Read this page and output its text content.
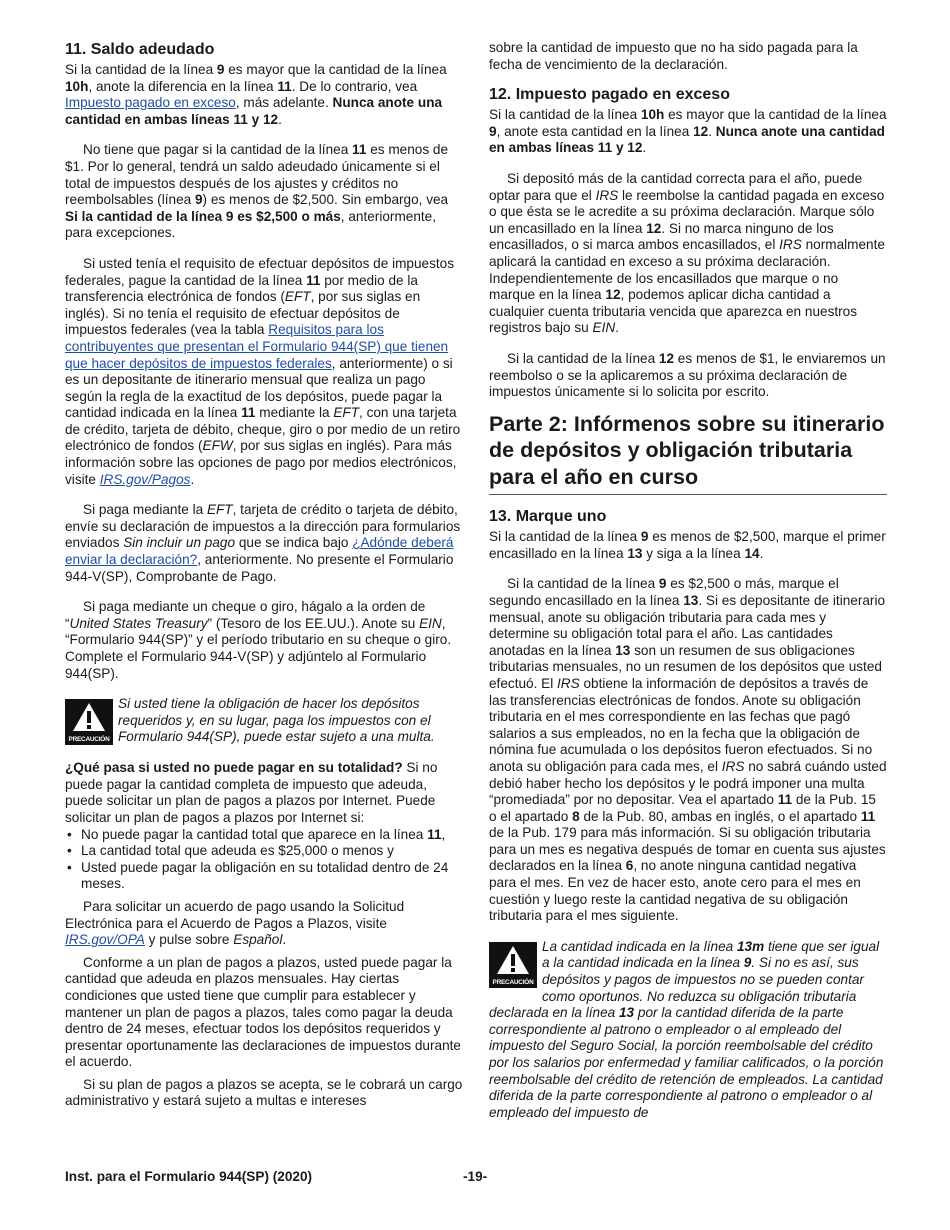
11. Saldo adeudado

Si la cantidad de la línea 9 es mayor que la cantidad de la línea 10h, anote la diferencia en la línea 11. De lo contrario, vea Impuesto pagado en exceso, más adelante. Nunca anote una cantidad en ambas líneas 11 y 12.

No tiene que pagar si la cantidad de la línea 11 es menos de $1. Por lo general, tendrá un saldo adeudado únicamente si el total de impuestos después de los ajustes y créditos no reembolsables (línea 9) es menos de $2,500. Sin embargo, vea Si la cantidad de la línea 9 es $2,500 o más, anteriormente, para excepciones.

Si usted tenía el requisito de efectuar depósitos de impuestos federales, pague la cantidad de la línea 11 por medio de la transferencia electrónica de fondos (EFT, por sus siglas en inglés). Si no tenía el requisito de efectuar depósitos de impuestos federales (vea la tabla Requisitos para los contribuyentes que presentan el Formulario 944(SP) que tienen que hacer depósitos de impuestos federales, anteriormente) o si es un depositante de itinerario mensual que realiza un pago según la regla de la exactitud de los depósitos, puede pagar la cantidad indicada en la línea 11 mediante la EFT, con una tarjeta de crédito, tarjeta de débito, cheque, giro o por medio de un retiro electrónico de fondos (EFW, por sus siglas en inglés). Para más información sobre las opciones de pago por medios electrónicos, visite IRS.gov/Pagos.

Si paga mediante la EFT, tarjeta de crédito o tarjeta de débito, envíe su declaración de impuestos a la dirección para formularios enviados Sin incluir un pago que se indica bajo ¿Adónde deberá enviar la declaración?, anteriormente. No presente el Formulario 944-V(SP), Comprobante de Pago.

Si paga mediante un cheque o giro, hágalo a la orden de “United States Treasury” (Tesoro de los EE.UU.). Anote su EIN, “Formulario 944(SP)” y el período tributario en su cheque o giro. Complete el Formulario 944-V(SP) y adjúntelo al Formulario 944(SP).

PRECAUCIÓN
Si usted tiene la obligación de hacer los depósitos requeridos y, en su lugar, paga los impuestos con el Formulario 944(SP), puede estar sujeto a una multa.

¿Qué pasa si usted no puede pagar en su totalidad? Si no puede pagar la cantidad completa de impuesto que adeuda, puede solicitar un plan de pagos a plazos por Internet. Puede solicitar un plan de pagos a plazos por Internet si:

• No puede pagar la cantidad total que aparece en la línea 11,
• La cantidad total que adeuda es $25,000 o menos y
• Usted puede pagar la obligación en su totalidad dentro de 24 meses.

Para solicitar un acuerdo de pago usando la Solicitud Electrónica para el Acuerdo de Pagos a Plazos, visite IRS.gov/OPA y pulse sobre Español.

Conforme a un plan de pagos a plazos, usted puede pagar la cantidad que adeuda en plazos mensuales. Hay ciertas condiciones que usted tiene que cumplir para establecer y mantener un plan de pagos a plazos, tales como pagar la deuda dentro de 24 meses, efectuar todos los depósitos requeridos y presentar oportunamente las declaraciones de impuestos durante el acuerdo.

Si su plan de pagos a plazos se acepta, se le cobrará un cargo administrativo y estará sujeto a multas e intereses

sobre la cantidad de impuesto que no ha sido pagada para la fecha de vencimiento de la declaración.

12. Impuesto pagado en exceso

Si la cantidad de la línea 10h es mayor que la cantidad de la línea 9, anote esta cantidad en la línea 12. Nunca anote una cantidad en ambas líneas 11 y 12.

Si depositó más de la cantidad correcta para el año, puede optar para que el IRS le reembolse la cantidad pagada en exceso o que ésta se le acredite a su próxima declaración. Marque sólo un encasillado en la línea 12. Si no marca ninguno de los encasillados, o si marca ambos encasillados, el IRS normalmente aplicará la cantidad en exceso a su próxima declaración. Independientemente de los encasillados que marque o no marque en la línea 12, podemos aplicar dicha cantidad a cualquier cuenta tributaria vencida que aparezca en nuestros registros bajo su EIN.

Si la cantidad de la línea 12 es menos de $1, le enviaremos un reembolso o se la aplicaremos a su próxima declaración de impuestos únicamente si lo solicita por escrito.

Parte 2: Infórmenos sobre su itinerario de depósitos y obligación tributaria para el año en curso
13. Marque uno

Si la cantidad de la línea 9 es menos de $2,500, marque el primer encasillado en la línea 13 y siga a la línea 14.

Si la cantidad de la línea 9 es $2,500 o más, marque el segundo encasillado en la línea 13. Si es depositante de itinerario mensual, anote su obligación tributaria para cada mes y determine su obligación total para el año. Las cantidades anotadas en la línea 13 son un resumen de sus obligaciones tributarias mensuales, no un resumen de los depósitos que usted efectuó. El IRS obtiene la información de depósitos a través de las transferencias electrónicas de fondos. Anote su obligación tributaria en el mes correspondiente en las fechas que pagó salarios a sus empleados, no en la fecha que la obligación de nómina fue acumulada o los depósitos fueron efectuados. Si no anota su obligación para cada mes, el IRS no sabrá cuándo usted debió haber hecho los depósitos y le podrá imponer una multa “promediada” por no depositar. Vea el apartado 11 de la Pub. 15 o el apartado 8 de la Pub. 80, ambas en inglés, o el apartado 11 de la Pub. 179 para más información. Si su obligación tributaria para un mes es negativa después de tomar en cuenta sus ajustes declarados en la línea 6, no anote ninguna cantidad negativa para el mes. En vez de hacer esto, anote cero para el mes en cuestión y luego reste la cantidad negativa de su obligación tributaria para el mes siguiente.

PRECAUCIÓN
La cantidad indicada en la línea 13m tiene que ser igual a la cantidad indicada en la línea 9. Si no es así, sus depósitos y pagos de impuestos no se pueden contar como oportunos. No reduzca su obligación tributaria declarada en la línea 13 por la cantidad diferida de la parte correspondiente al patrono o empleador o al empleado del impuesto del Seguro Social, la porción reembolsable del crédito por los salarios por enfermedad y familiar calificados, o la porción reembolsable del crédito de retención de empleados. La cantidad diferida de la parte correspondiente al patrono o empleador o al empleado del impuesto de
Inst. para el Formulario 944(SP) (2020)	-19-
